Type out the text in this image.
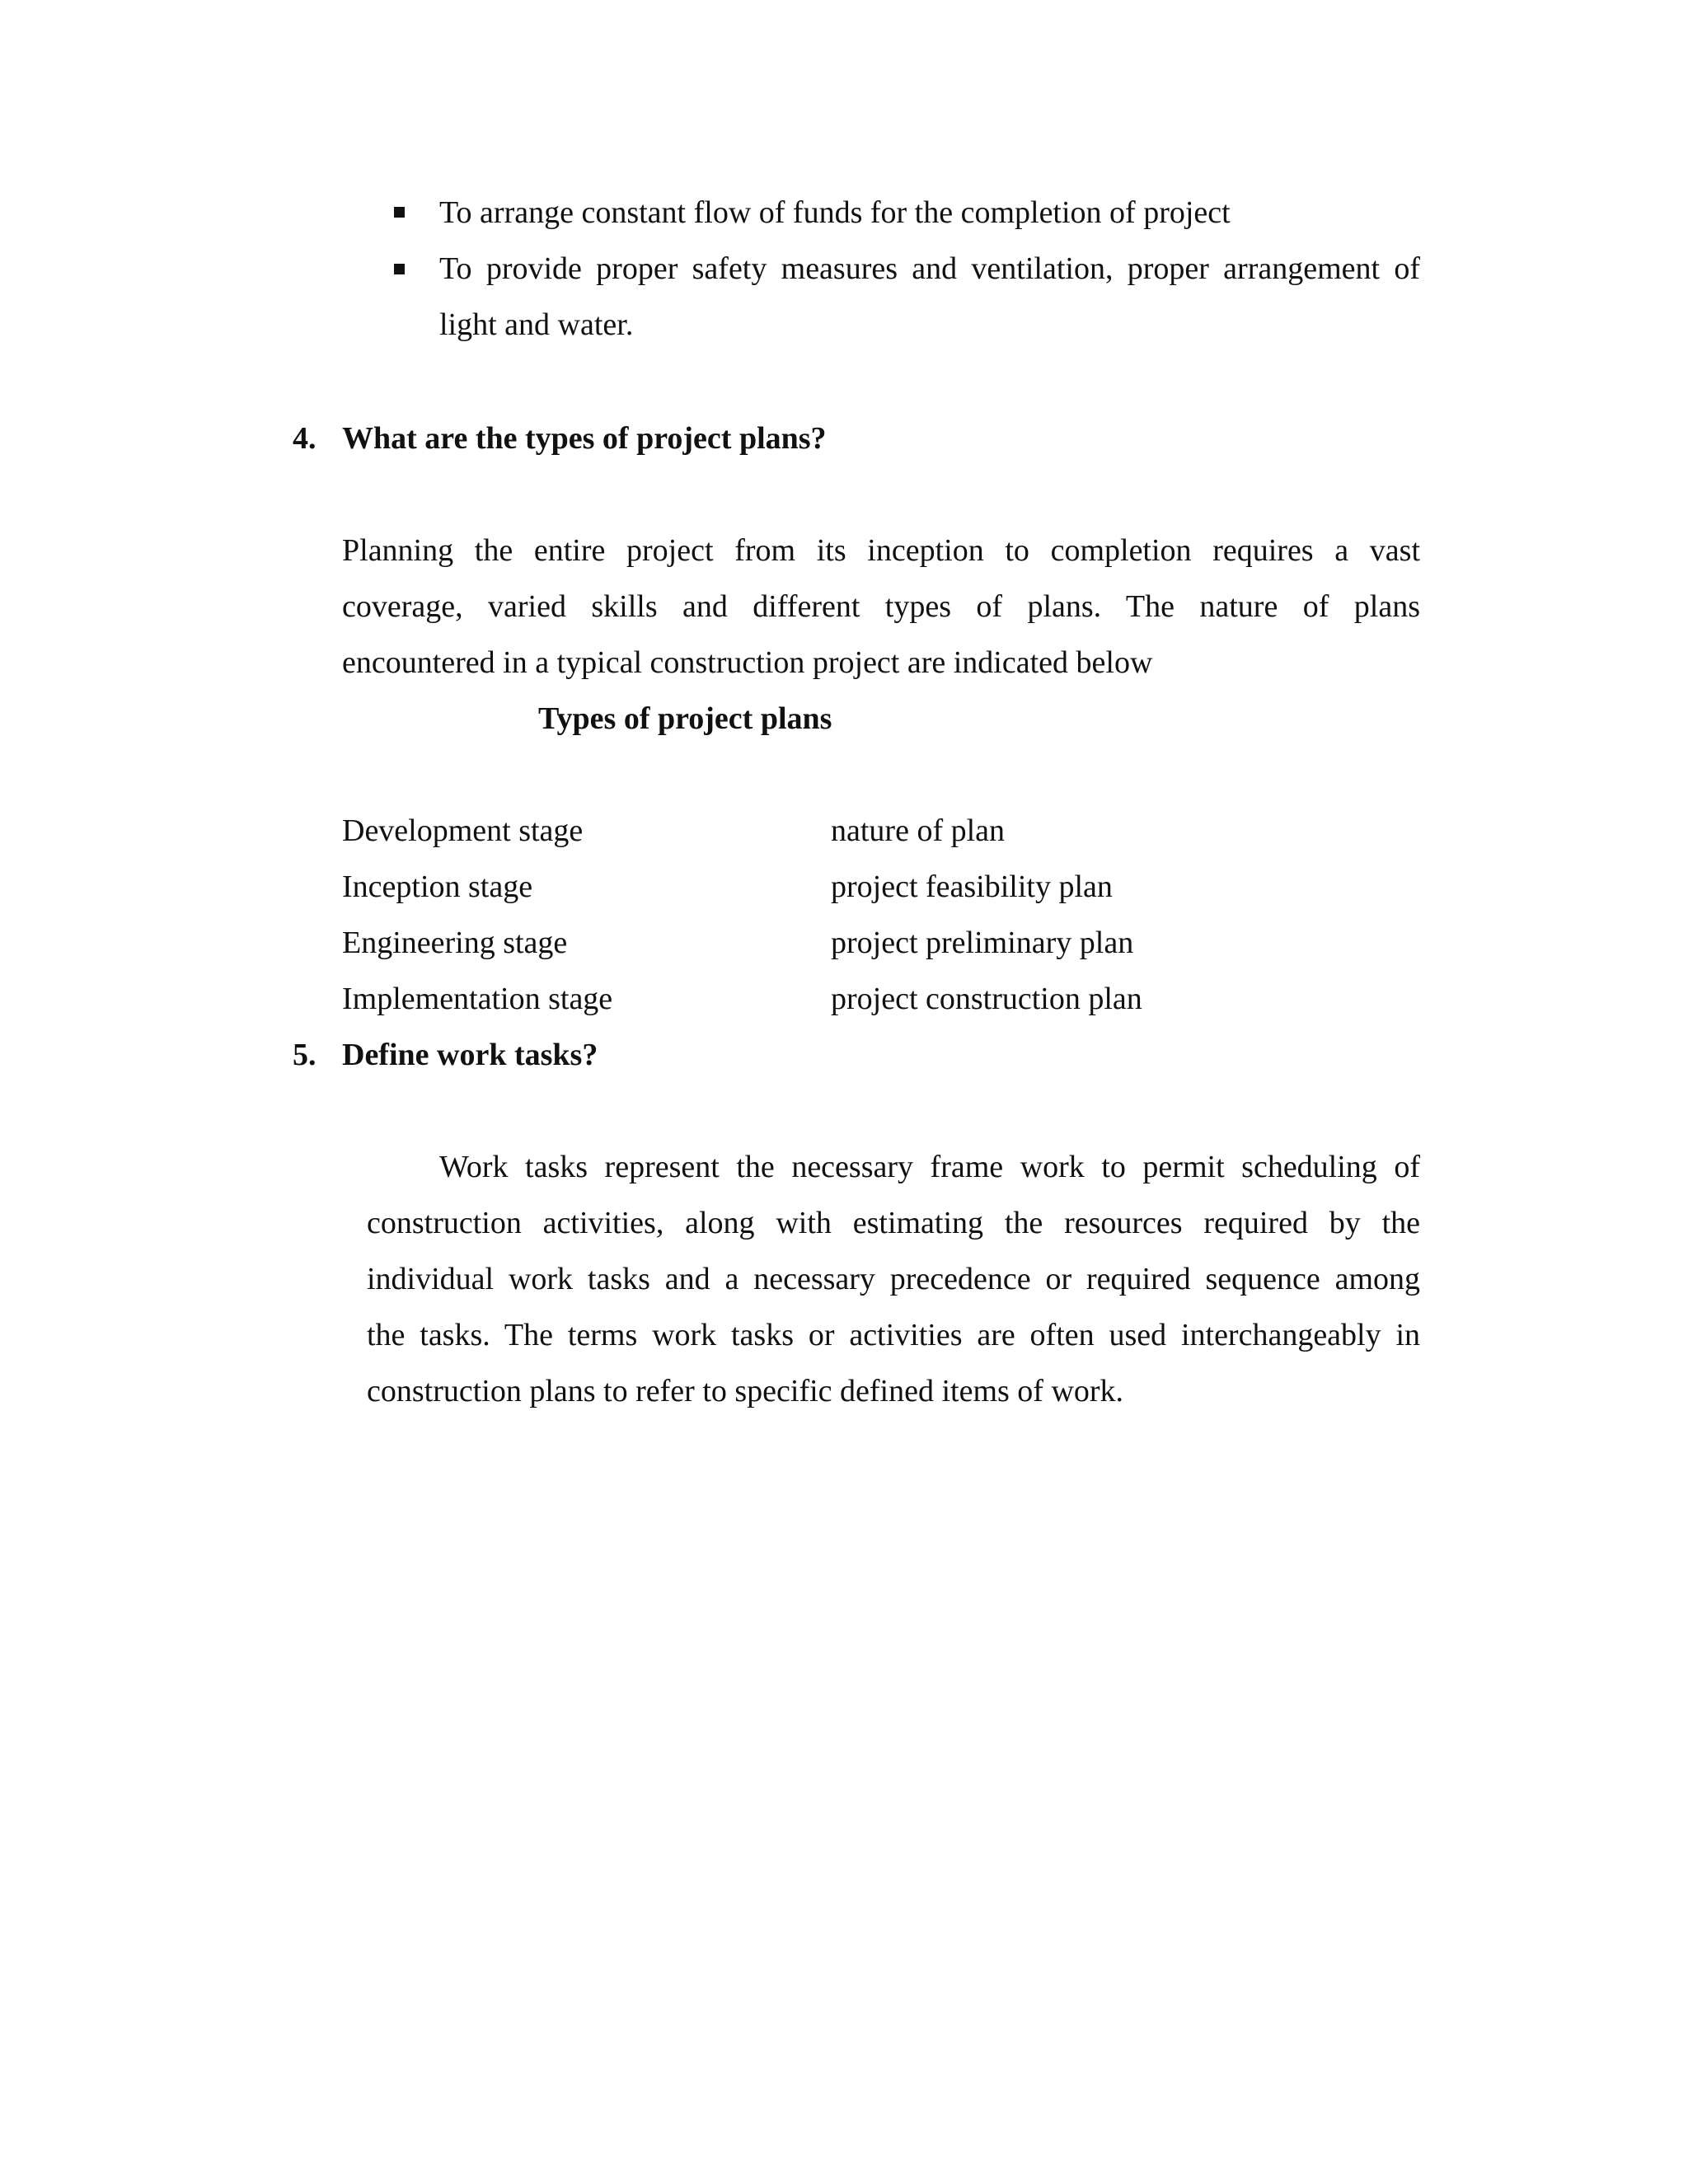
To arrange constant flow of funds for the completion of project
To provide proper safety measures and ventilation, proper arrangement of
light and water.
4. What are the types of project plans?
Planning the entire project from its inception to completion requires a vast
coverage, varied skills and different types of plans. The nature of plans
encountered in a typical construction project are indicated below
Types of project plans
Development stage	nature of plan
Inception stage	project feasibility plan
Engineering stage	project preliminary plan
Implementation stage	project construction plan
5. Define work tasks?
Work tasks represent the necessary frame work to permit scheduling of
construction activities, along with estimating the resources required by the
individual work tasks and a necessary precedence or required sequence among
the tasks. The terms work tasks or activities are often used interchangeably in
construction plans to refer to specific defined items of work.
